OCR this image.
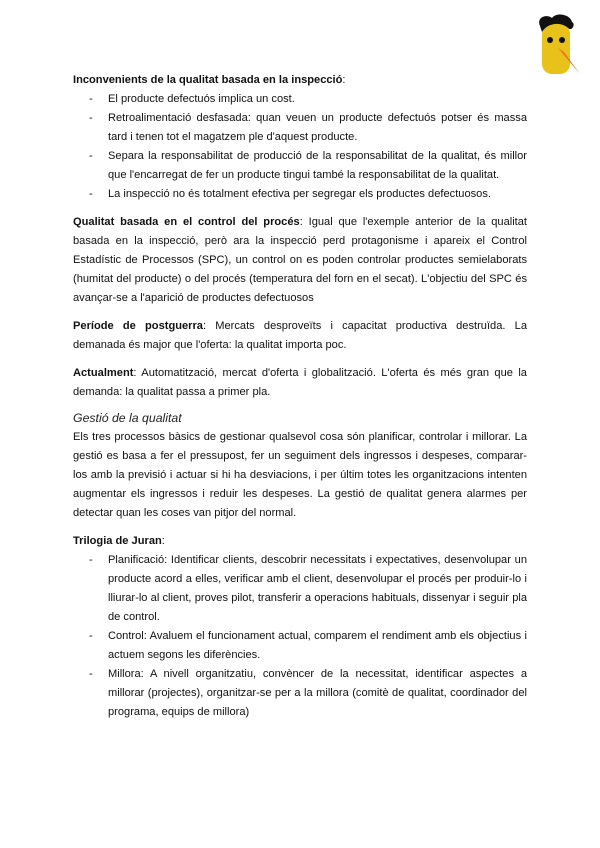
Inconvenients de la qualitat basada en la inspecció:

- El producte defectuós implica un cost.
- Retroalimentació desfasada: quan veuen un producte defectuós potser és massa tard i tenen tot el magatzem ple d'aquest producte.
- Separa la responsabilitat de producció de la responsabilitat de la qualitat, és millor que l'encarregat de fer un producte tingui també la responsabilitat de la qualitat.
- La inspecció no és totalment efectiva per segregar els productes defectuosos.

Qualitat basada en el control del procés: Igual que l'exemple anterior de la qualitat basada en la inspecció, però ara la inspecció perd protagonisme i apareix el Control Estadístic de Processos (SPC), un control on es poden controlar productes semielaborats (humitat del producte) o del procés (temperatura del forn en el secat). L'objectiu del SPC és avançar-se a l'aparició de productes defectuosos

Període de postguerra: Mercats desproveïts i capacitat productiva destruïda. La demanada és major que l'oferta: la qualitat importa poc.

Actualment: Automatització, mercat d'oferta i globalització. L'oferta és més gran que la demanda: la qualitat passa a primer pla.

Gestió de la qualitat

Els tres processos bàsics de gestionar qualsevol cosa són planificar, controlar i millorar. La gestió es basa a fer el pressupost, fer un seguiment dels ingressos i despeses, comparar-los amb la previsió i actuar si hi ha desviacions, i per últim totes les organitzacions intenten augmentar els ingressos i reduir les despeses. La gestió de qualitat genera alarmes per detectar quan les coses van pitjor del normal.

Trilogia de Juran:

- Planificació: Identificar clients, descobrir necessitats i expectatives, desenvolupar un producte acord a elles, verificar amb el client, desenvolupar el procés per produir-lo i lliurar-lo al client, proves pilot, transferir a operacions habituals, dissenyar i seguir pla de control.
- Control: Avaluem el funcionament actual, comparem el rendiment amb els objectius i actuem segons les diferències.
- Millora: A nivell organitzatiu, convèncer de la necessitat, identificar aspectes a millorar (projectes), organitzar-se per a la millora (comitè de qualitat, coordinador del programa, equips de millora)
